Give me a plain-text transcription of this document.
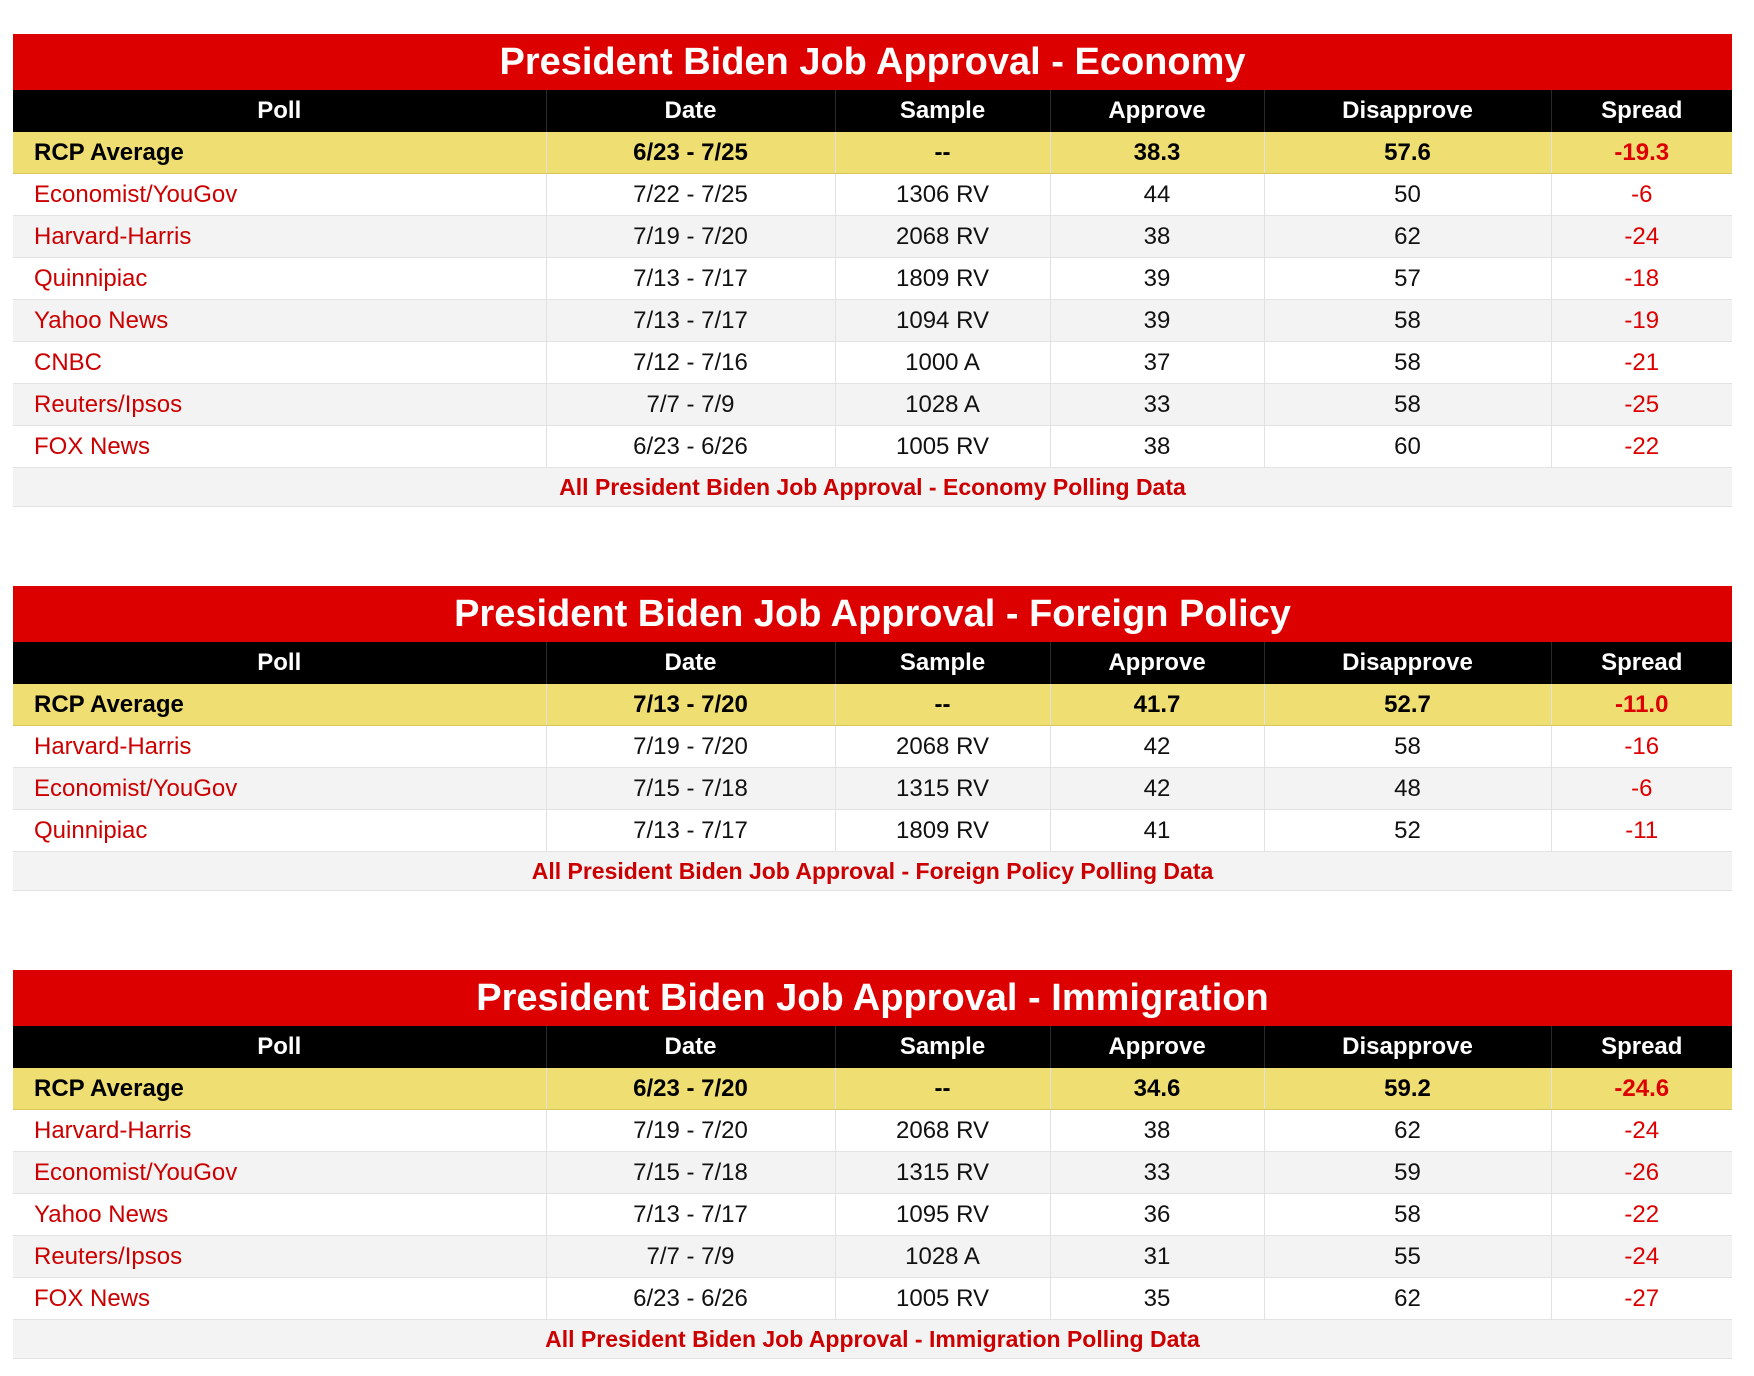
President Biden Job Approval - Economy
Poll	Date	Sample	Approve	Disapprove	Spread
RCP Average	6/23 - 7/25	--	38.3	57.6	-19.3
Economist/YouGov	7/22 - 7/25	1306 RV	44	50	-6
Harvard-Harris	7/19 - 7/20	2068 RV	38	62	-24
Quinnipiac	7/13 - 7/17	1809 RV	39	57	-18
Yahoo News	7/13 - 7/17	1094 RV	39	58	-19
CNBC	7/12 - 7/16	1000 A	37	58	-21
Reuters/Ipsos	7/7 - 7/9	1028 A	33	58	-25
FOX News	6/23 - 6/26	1005 RV	38	60	-22
All President Biden Job Approval - Economy Polling Data					
President Biden Job Approval - Foreign Policy
Poll	Date	Sample	Approve	Disapprove	Spread
RCP Average	7/13 - 7/20	--	41.7	52.7	-11.0
Harvard-Harris	7/19 - 7/20	2068 RV	42	58	-16
Economist/YouGov	7/15 - 7/18	1315 RV	42	48	-6
Quinnipiac	7/13 - 7/17	1809 RV	41	52	-11
All President Biden Job Approval - Foreign Policy Polling Data					
President Biden Job Approval - Immigration
Poll	Date	Sample	Approve	Disapprove	Spread
RCP Average	6/23 - 7/20	--	34.6	59.2	-24.6
Harvard-Harris	7/19 - 7/20	2068 RV	38	62	-24
Economist/YouGov	7/15 - 7/18	1315 RV	33	59	-26
Yahoo News	7/13 - 7/17	1095 RV	36	58	-22
Reuters/Ipsos	7/7 - 7/9	1028 A	31	55	-24
FOX News	6/23 - 6/26	1005 RV	35	62	-27
All President Biden Job Approval - Immigration Polling Data					
